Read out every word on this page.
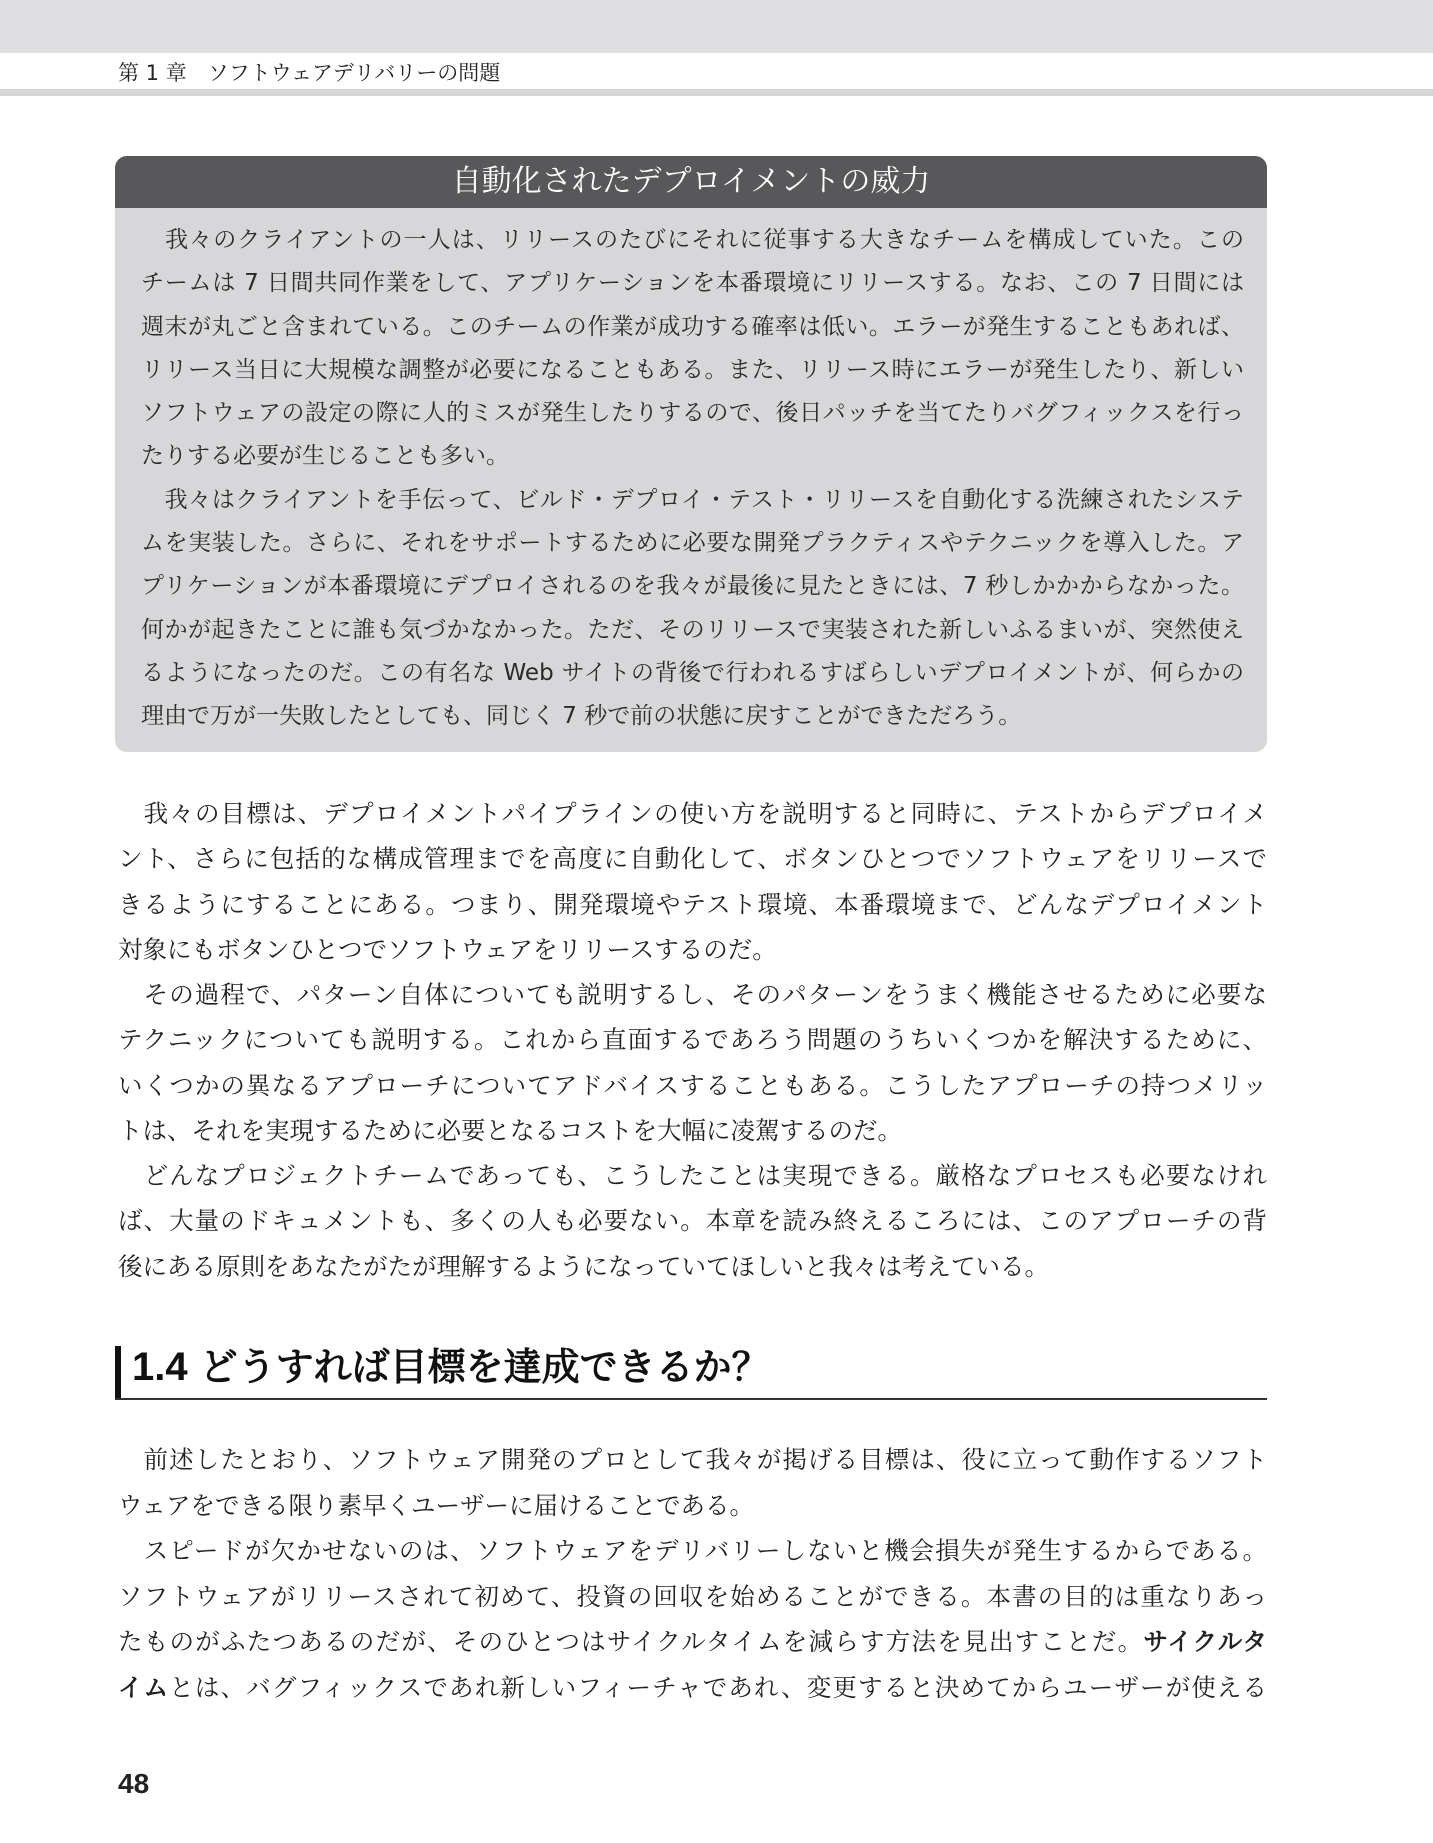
第 1 章　ソフトウェアデリバリーの問題
自動化されたデプロイメントの威力
　我々のクライアントの一人は、リリースのたびにそれに従事する大きなチームを構成していた。この
チームは 7 日間共同作業をして、アプリケーションを本番環境にリリースする。なお、この 7 日間には
週末が丸ごと含まれている。このチームの作業が成功する確率は低い。エラーが発生することもあれば、
リリース当日に大規模な調整が必要になることもある。また、リリース時にエラーが発生したり、新しい
ソフトウェアの設定の際に人的ミスが発生したりするので、後日パッチを当てたりバグフィックスを行っ
たりする必要が生じることも多い。
　我々はクライアントを手伝って、ビルド・デプロイ・テスト・リリースを自動化する洗練されたシステ
ムを実装した。さらに、それをサポートするために必要な開発プラクティスやテクニックを導入した。ア
プリケーションが本番環境にデプロイされるのを我々が最後に見たときには、7 秒しかかからなかった。
何かが起きたことに誰も気づかなかった。ただ、そのリリースで実装された新しいふるまいが、突然使え
るようになったのだ。この有名な Web サイトの背後で行われるすばらしいデプロイメントが、何らかの
理由で万が一失敗したとしても、同じく 7 秒で前の状態に戻すことができただろう。
　我々の目標は、デプロイメントパイプラインの使い方を説明すると同時に、テストからデプロイメ
ント、さらに包括的な構成管理までを高度に自動化して、ボタンひとつでソフトウェアをリリースで
きるようにすることにある。つまり、開発環境やテスト環境、本番環境まで、どんなデプロイメント
対象にもボタンひとつでソフトウェアをリリースするのだ。
　その過程で、パターン自体についても説明するし、そのパターンをうまく機能させるために必要な
テクニックについても説明する。これから直面するであろう問題のうちいくつかを解決するために、
いくつかの異なるアプローチについてアドバイスすることもある。こうしたアプローチの持つメリッ
トは、それを実現するために必要となるコストを大幅に凌駕するのだ。
　どんなプロジェクトチームであっても、こうしたことは実現できる。厳格なプロセスも必要なけれ
ば、大量のドキュメントも、多くの人も必要ない。本章を読み終えるころには、このアプローチの背
後にある原則をあなたがたが理解するようになっていてほしいと我々は考えている。
1.4 どうすれば目標を達成できるか？
　前述したとおり、ソフトウェア開発のプロとして我々が掲げる目標は、役に立って動作するソフト
ウェアをできる限り素早くユーザーに届けることである。
　スピードが欠かせないのは、ソフトウェアをデリバリーしないと機会損失が発生するからである。
ソフトウェアがリリースされて初めて、投資の回収を始めることができる。本書の目的は重なりあっ
たものがふたつあるのだが、そのひとつはサイクルタイムを減らす方法を見出すことだ。サイクルタ
イムとは、バグフィックスであれ新しいフィーチャであれ、変更すると決めてからユーザーが使える
48
